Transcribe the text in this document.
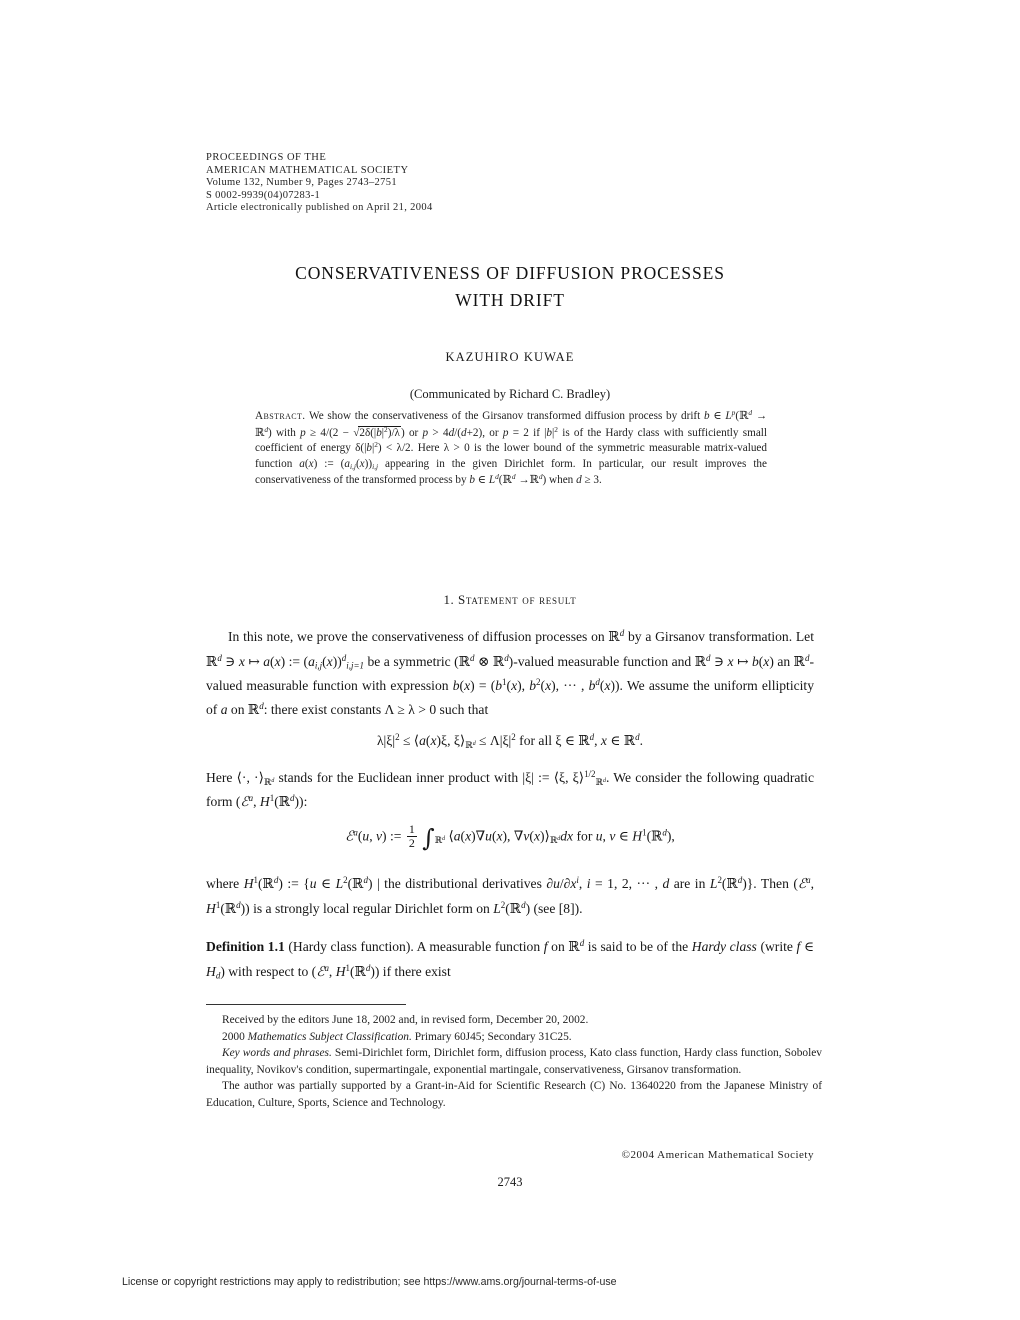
PROCEEDINGS OF THE
AMERICAN MATHEMATICAL SOCIETY
Volume 132, Number 9, Pages 2743–2751
S 0002-9939(04)07283-1
Article electronically published on April 21, 2004
CONSERVATIVENESS OF DIFFUSION PROCESSES
WITH DRIFT
KAZUHIRO KUWAE
(Communicated by Richard C. Bradley)
Abstract. We show the conservativeness of the Girsanov transformed diffusion process by drift b ∈ $L^p(ℝ^d$ → ℝ$^d$) with $p \ge 4/(2 - √2\delta(|b|^2)/\lambda)$ or p > 4d/(d+2), or p = 2 if $|b|^2$ is of the Hardy class with sufficiently small coefficient of energy $\delta(|b|^2) < \lambda/2$. Here λ > 0 is the lower bound of the symmetric measurable matrix-valued function a(x) := $(a_{i,j}(x))_{i,j}$ appearing in the given Dirichlet form. In particular, our result improves the conservativeness of the transformed process by b ∈ $L^d(ℝ^d$ →ℝ$^d$) when d ≥ 3.
1. Statement of result
In this note, we prove the conservativeness of diffusion processes on ℝ$^d$ by a Girsanov transformation. Let ℝ$^d$ ∋ x ↦ a(x) := $(a_{i,j}(x))^d_{i,j=1}$ be a symmetric (ℝ$^d$ ⊗ ℝ$^d$)-valued measurable function and ℝ$^d$ ∋ x ↦ b(x) an ℝ$^d$-valued measurable function with expression $b(x) = (b^1(x)$, $b^2(x)$, ··· , $b^d(x)$). We assume the uniform ellipticity of a on ℝ$^d$: there exist constants Λ ≥ λ > 0 such that
$\lambda|\xi|^2$ ≤ ⟨a(x)ξ, $\xi⟩_{ℝ^d} \le \Lambda|\xi|^2$ for all ξ ∈ ℝ$^d$, x ∈ ℝ$^d$.
Here ⟨·, $\cdot⟩_{ℝ^d}$ stands for the Euclidean inner product with |ξ| := ⟨ξ, ξ⟩$^{1/2}_{ℝ^d}$. We consider the following quadratic form (ℰ$^a$, $H^1(ℝ^d)$):
ℰ$^a$(u, v) := $\frac{1}{2} \int_{ℝ^d}$ ⟨a(x)∇u(x), $\nabla v(x)⟩_{ℝ^d}dx$ for u, v ∈ $H^1(ℝ^d)$,
where $H^1(ℝ^d)$ := {u ∈ $L^2(ℝ^d)$ | the distributional derivatives $\partial u/\partial x^i$, i = 1, 2, ··· , d are in $L^2(ℝ^d)$}. Then (ℰ$^a$, $H^1(ℝ^d)$) is a strongly local regular Dirichlet form on $L^2(ℝ^d)$ (see [8]).
Definition 1.1 (Hardy class function). A measurable function f on ℝ$^d$ is said to be of the Hardy class (write f ∈ $H_d$) with respect to (ℰ$^a$, $H^1(ℝ^d)$) if there exist

Received by the editors June 18, 2002 and, in revised form, December 20, 2002.

2000 Mathematics Subject Classification. Primary 60J45; Secondary 31C25.

Key words and phrases. Semi-Dirichlet form, Dirichlet form, diffusion process, Kato class function, Hardy class function, Sobolev inequality, Novikov's condition, supermartingale, exponential martingale, conservativeness, Girsanov transformation.

The author was partially supported by a Grant-in-Aid for Scientific Research (C) No. 13640220 from the Japanese Ministry of Education, Culture, Sports, Science and Technology.

©2004 American Mathematical Society
2743
License or copyright restrictions may apply to redistribution; see https://www.ams.org/journal-terms-of-use
